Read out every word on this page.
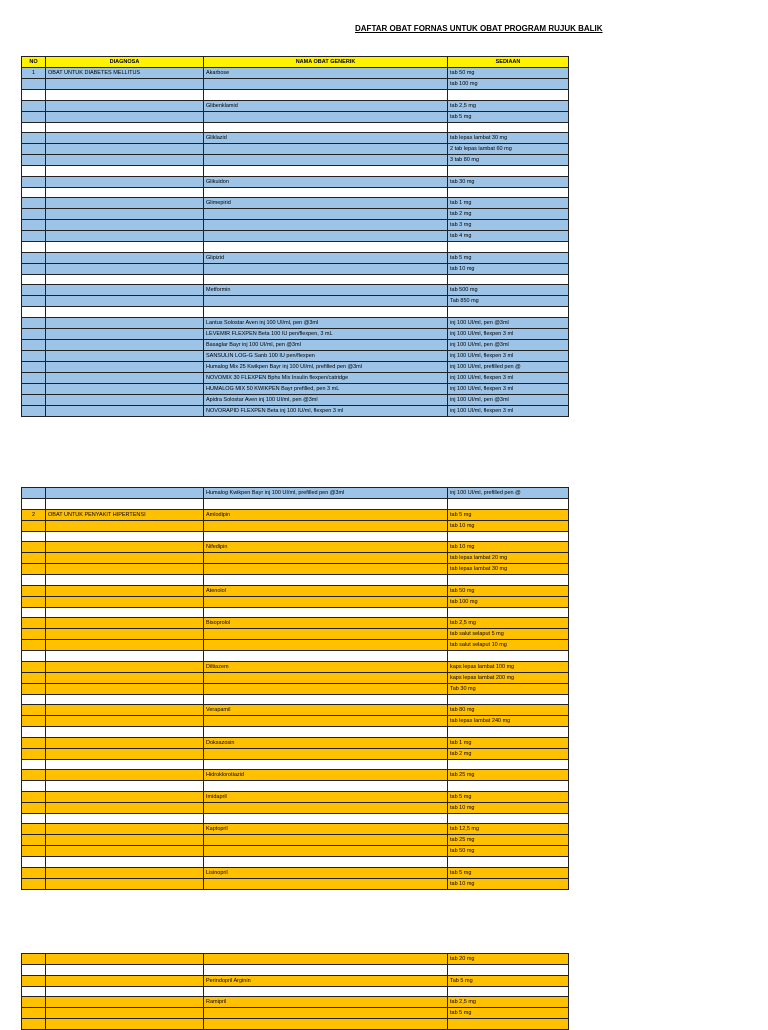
DAFTAR OBAT FORNAS UNTUK OBAT PROGRAM RUJUK BALIK
NO	DIAGNOSA	NAMA OBAT GENERIK	SEDIAAN
1	OBAT UNTUK DIABETES MELLITUS	Akarbose	tab 50 mg
			tab 100 mg

		Glibenklamid	tab 2,5 mg
			tab 5 mg

		Gliklazid	tab lepas lambat 30 mg
			2 tab lepas lambat 60 mg
			3 tab 80 mg

		Glikuidon	tab 30 mg

		Glimepirid	tab 1 mg
			tab 2 mg
			tab 3 mg
			tab 4 mg

		Glipizid	tab 5 mg
			tab 10 mg

		Metformin	tab 500 mg
			Tab 850 mg

		Lantus Solostar Aven inj 100 UI/ml, pen @3ml	inj 100 UI/ml, pen @3ml
		LEVEMIR FLEXPEN Beta 100 IU pen/flexpen, 3 mL	inj 100 UI/ml, flexpen 3 ml
		Basaglar Bayr inj 100 UI/ml, pen @3ml	inj 100 UI/ml, pen @3ml
		SANSULIN LOG-G Sanb 100 IU pen/flexpen	inj 100 UI/ml, flexpen 3 ml
		Humalog Mix 25 Kwikpen Bayr inj 100 UI/ml, prefilled pen @3ml	inj 100 UI/ml, prefilled pen @
		NOVOMIX 30 FLEXPEN Bphs Mix Insulin flexpen/catridge	inj 100 UI/ml, flexpen 3 ml
		HUMALOG MIX 50 KWIKPEN Bayr prefilled, pen 3 mL	inj 100 UI/ml, flexpen 3 ml
		Apidra Solostar Aven inj 100 UI/ml, pen @3ml	inj 100 UI/ml, pen @3ml
		NOVORAPID FLEXPEN Beta inj 100 IU/ml, flexpen 3 ml	inj 100 UI/ml, flexpen 3 ml
		Humalog Kwikpen Bayr inj 100 UI/ml, prefilled pen @3ml	inj 100 UI/ml, prefilled pen @

2	OBAT UNTUK PENYAKIT HIPERTENSI	Amlodipin	tab 5 mg
			tab 10 mg

		Nifedipin	tab 10 mg
			tab lepas lambat 20 mg
			tab lepas lambat 30 mg

		Atenolol	tab 50 mg
			tab 100 mg

		Bisoprolol	tab 2,5 mg
			tab salut selaput 5 mg
			tab salut selaput 10 mg

		Diltiazem	kaps lepas lambat 100 mg
			kaps lepas lambat 200 mg
			Tab 30 mg

		Verapamil	tab 80 mg
			tab lepas lambat 240 mg

		Doksazosin	tab 1 mg
			tab 2 mg

		Hidroklorotiazid	tab 25 mg

		Imidapril	tab 5 mg
			tab 10 mg

		Kaptopril	tab 12,5 mg
			tab 25 mg
			tab 50 mg

		Lisinopril	tab 5 mg
			tab 10 mg
			tab 20 mg

		Perindopril Arginin	Tab 5 mg

		Ramipril	tab 2,5 mg
			tab 5 mg
